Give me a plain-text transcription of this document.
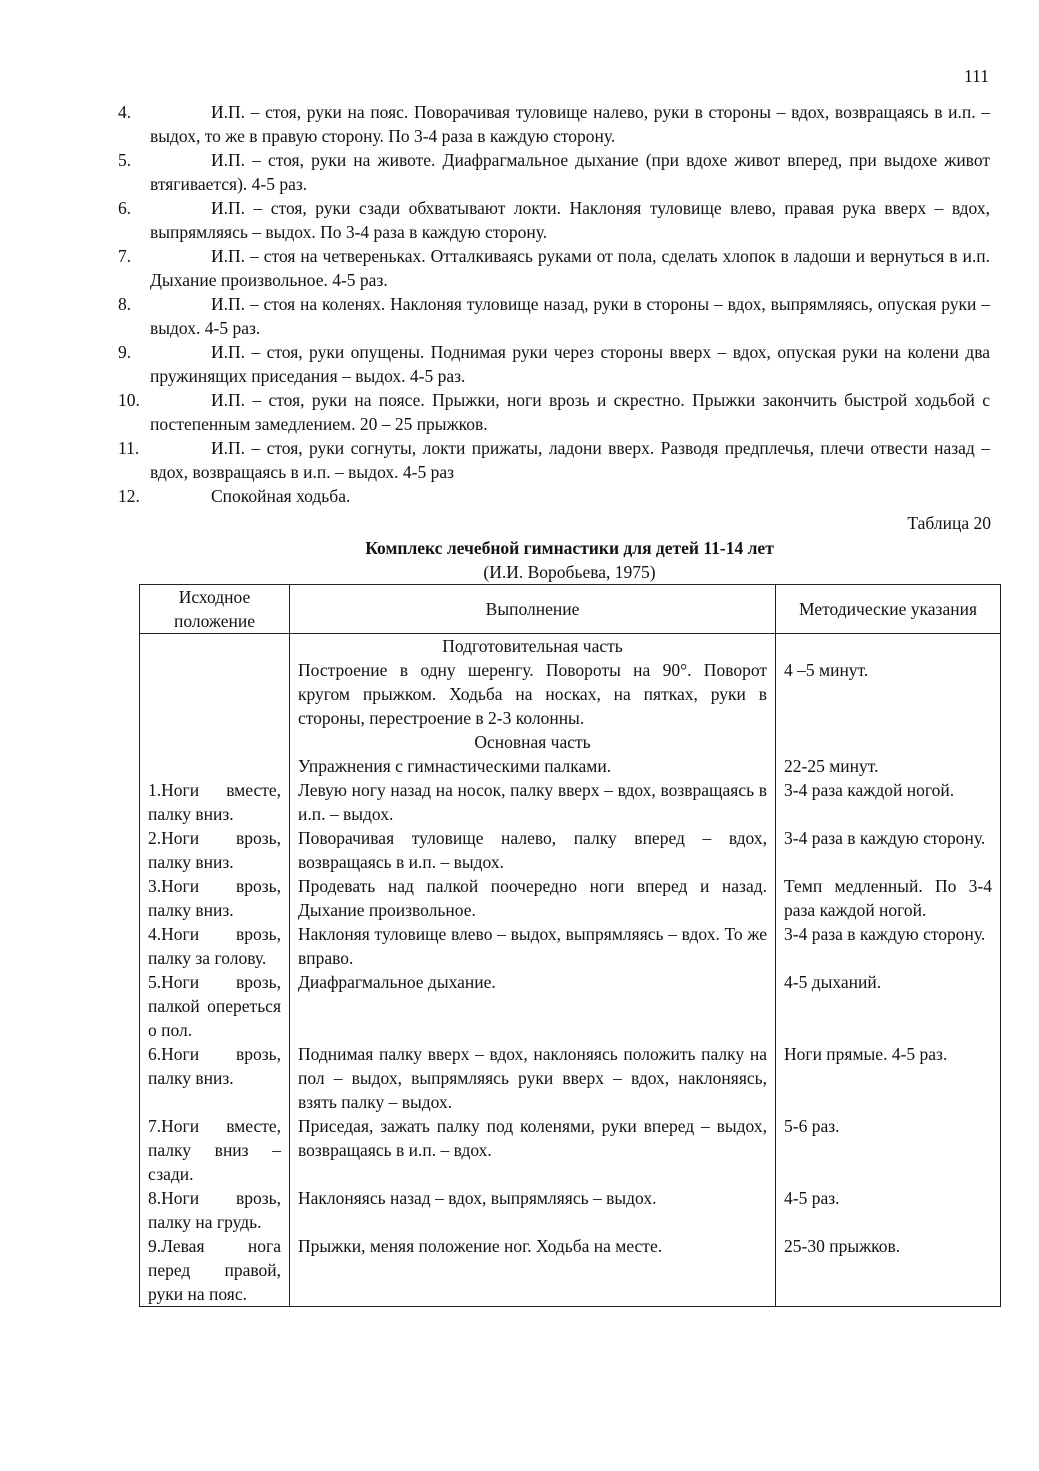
111
4.	И.П. – стоя, руки на пояс. Поворачивая туловище налево, руки в стороны – вдох, возвращаясь в и.п. – выдох, то же в правую сторону. По 3-4 раза в каждую сторону.
5.	И.П. – стоя, руки на животе. Диафрагмальное дыхание (при вдохе живот вперед, при выдохе живот втягивается). 4-5 раз.
6.	И.П. – стоя, руки сзади обхватывают локти. Наклоняя туловище влево, правая рука вверх – вдох, выпрямляясь – выдох. По 3-4 раза в каждую сторону.
7.	И.П. – стоя на четвереньках. Отталкиваясь руками от пола, сделать хлопок в ладоши и вернуться в и.п. Дыхание произвольное. 4-5 раз.
8.	И.П. – стоя на коленях. Наклоняя туловище назад, руки в стороны – вдох, выпрямляясь, опуская руки – выдох. 4-5 раз.
9.	И.П. – стоя, руки опущены. Поднимая руки через стороны вверх – вдох, опуская руки на колени два пружинящих приседания – выдох. 4-5 раз.
10.	И.П. – стоя, руки на поясе. Прыжки, ноги врозь и скрестно. Прыжки закончить быстрой ходьбой с постепенным замедлением. 20 – 25 прыжков.
11.	И.П. – стоя, руки согнуты, локти прижаты, ладони вверх. Разводя предплечья, плечи отвести назад – вдох, возвращаясь в и.п. – выдох. 4-5 раз
12.	Спокойная ходьба.
Таблица 20
Комплекс лечебной гимнастики для детей 11-14 лет
(И.И. Воробьева, 1975)
Исходное положение	Выполнение	Методические указания
	Подготовительная часть	
	Построение в одну шеренгу. Повороты на 90°. Поворот кругом прыжком. Ходьба на носках, на пятках, руки в стороны, перестроение в 2-3 колонны.	4 –5 минут.
	Основная часть	
	Упражнения с гимнастическими палками.	22-25 минут.
1.Ноги вместе, палку вниз.	Левую ногу назад на носок, палку вверх – вдох, возвращаясь в и.п. – выдох.	3-4 раза каждой ногой.
2.Ноги врозь, палку вниз.	Поворачивая туловище налево, палку вперед – вдох, возвращаясь в и.п. – выдох.	3-4 раза в каждую сторону.
3.Ноги врозь, палку вниз.	Продевать над палкой поочередно ноги вперед и назад. Дыхание произвольное.	Темп медленный. По 3-4 раза каждой ногой.
4.Ноги врозь, палку за голову.	Наклоняя туловище влево – выдох, выпрямляясь – вдох. То же вправо.	3-4 раза в каждую сторону.
5.Ноги врозь, палкой опереться о пол.	Диафрагмальное дыхание.	4-5 дыханий.
6.Ноги врозь, палку вниз.	Поднимая палку вверх – вдох, наклоняясь положить палку на пол – выдох, выпрямляясь руки вверх – вдох, наклоняясь, взять палку – выдох.	Ноги прямые. 4-5 раз.
7.Ноги вместе, палку вниз – сзади.	Приседая, зажать палку под коленями, руки вперед – выдох, возвращаясь в и.п. – вдох.	5-6 раз.
8.Ноги врозь, палку на грудь.	Наклоняясь назад – вдох, выпрямляясь – выдох.	4-5 раз.
9.Левая нога перед правой, руки на пояс.	Прыжки, меняя положение ног. Ходьба на месте.	25-30 прыжков.
